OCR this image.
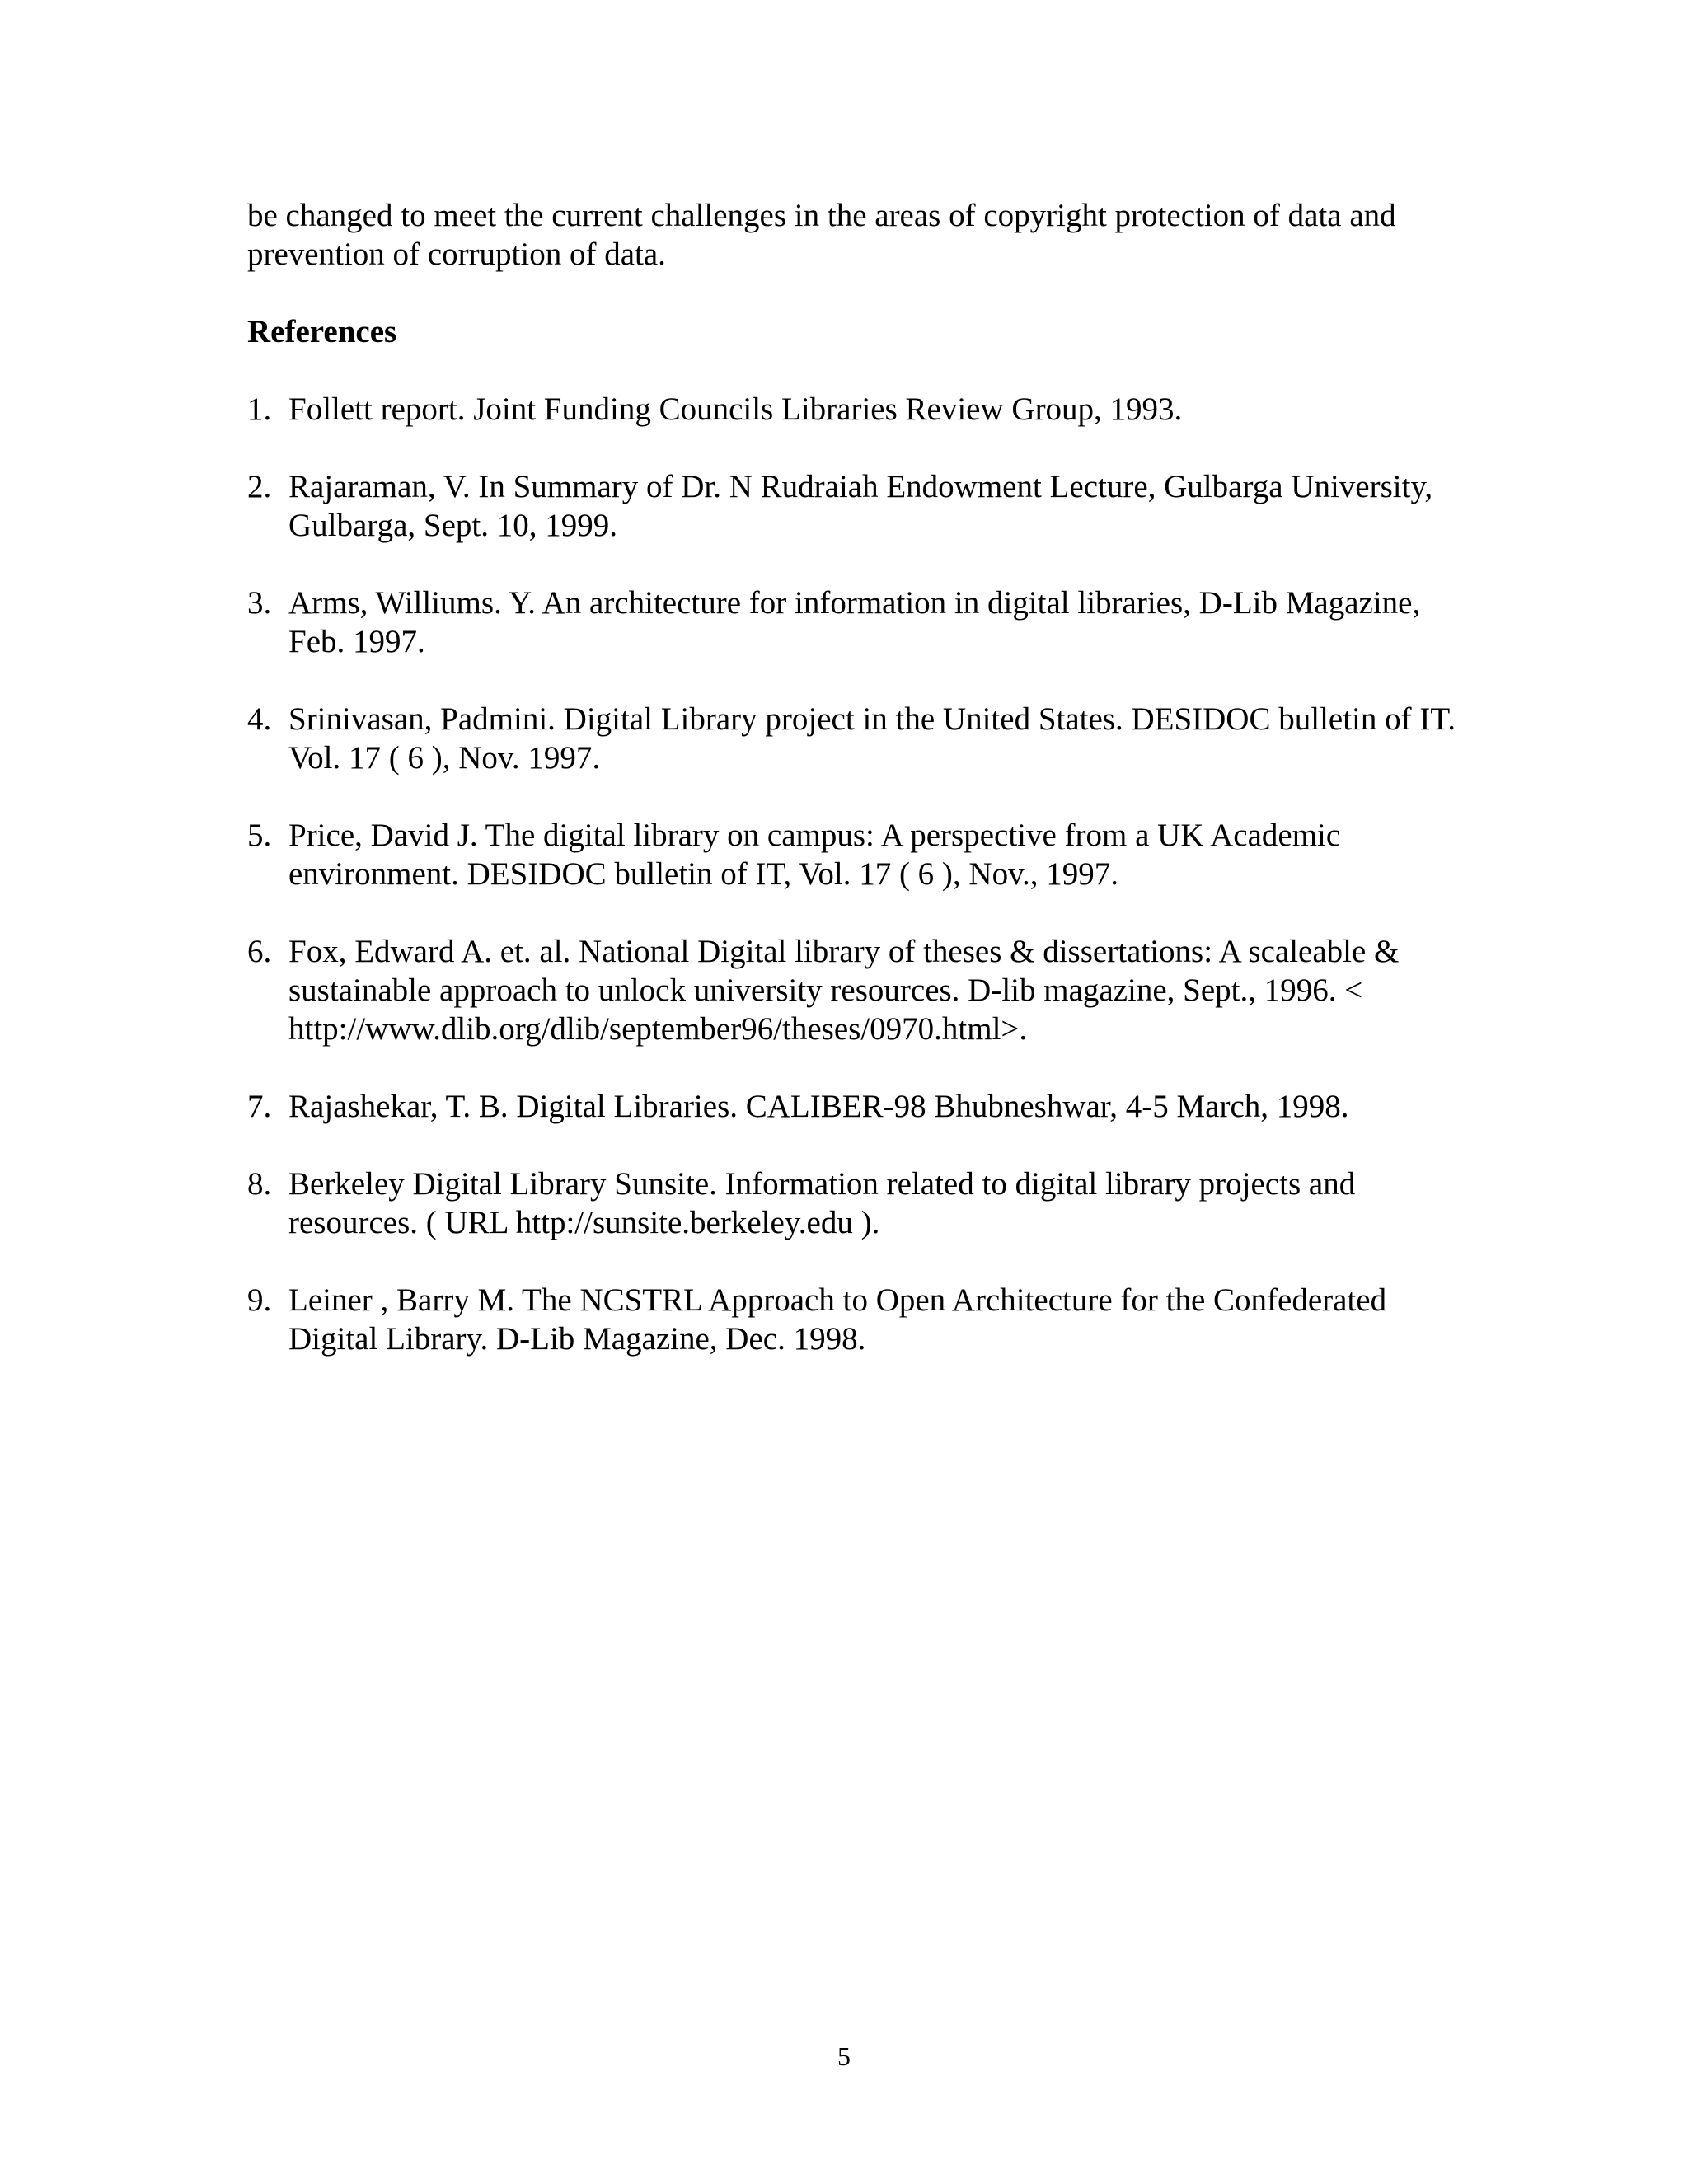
be changed to meet the current challenges in the areas of copyright protection of data and prevention of corruption of data.

References
1. Follett report. Joint Funding Councils Libraries Review Group, 1993.
2. Rajaraman, V. In Summary of Dr. N Rudraiah Endowment Lecture, Gulbarga University, Gulbarga, Sept. 10, 1999.
3. Arms, Williums. Y. An architecture for information in digital libraries, D-Lib Magazine, Feb. 1997.
4. Srinivasan, Padmini. Digital Library project in the United States. DESIDOC bulletin of IT. Vol. 17 ( 6 ), Nov. 1997.
5. Price, David J. The digital library on campus: A perspective from a UK Academic environment. DESIDOC bulletin of IT, Vol. 17 ( 6 ), Nov., 1997.
6. Fox, Edward A. et. al. National Digital library of theses & dissertations: A scaleable & sustainable approach to unlock university resources. D-lib magazine, Sept., 1996. < http://www.dlib.org/dlib/september96/theses/0970.html>.
7. Rajashekar, T. B. Digital Libraries. CALIBER-98 Bhubneshwar, 4-5 March, 1998.
8. Berkeley Digital Library Sunsite. Information related to digital library projects and resources. ( URL http://sunsite.berkeley.edu ).
9. Leiner , Barry M. The NCSTRL Approach to Open Architecture for the Confederated Digital Library. D-Lib Magazine, Dec. 1998.
5
